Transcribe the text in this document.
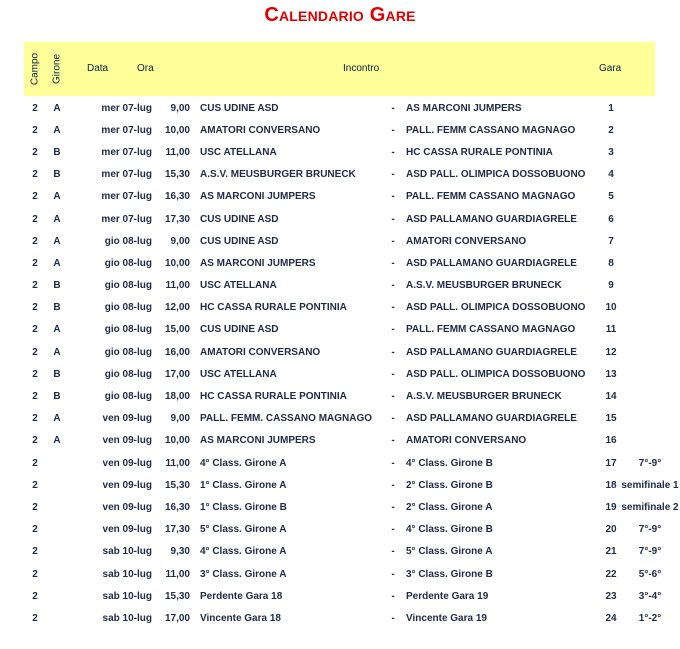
Calendario Gare
Campo Girone Data	Ora	Incontro	Gara
2	A	mer 07-lug	9,00	CUS UDINE ASD	-	AS MARCONI JUMPERS	1	
2	A	mer 07-lug	10,00	AMATORI CONVERSANO	-	PALL. FEMM CASSANO MAGNAGO	2	
2	B	mer 07-lug	11,00	USC ATELLANA	-	HC CASSA RURALE PONTINIA	3	
2	B	mer 07-lug	15,30	A.S.V. MEUSBURGER BRUNECK	-	ASD PALL. OLIMPICA DOSSOBUONO	4	
2	A	mer 07-lug	16,30	AS MARCONI JUMPERS	-	PALL. FEMM CASSANO MAGNAGO	5	
2	A	mer 07-lug	17,30	CUS UDINE ASD	-	ASD PALLAMANO GUARDIAGRELE	6	
2	A	gio 08-lug	9,00	CUS UDINE ASD	-	AMATORI CONVERSANO	7	
2	A	gio 08-lug	10,00	AS MARCONI JUMPERS	-	ASD PALLAMANO GUARDIAGRELE	8	
2	B	gio 08-lug	11,00	USC ATELLANA	-	A.S.V. MEUSBURGER BRUNECK	9	
2	B	gio 08-lug	12,00	HC CASSA RURALE PONTINIA	-	ASD PALL. OLIMPICA DOSSOBUONO	10	
2	A	gio 08-lug	15,00	CUS UDINE ASD	-	PALL. FEMM CASSANO MAGNAGO	11	
2	A	gio 08-lug	16,00	AMATORI CONVERSANO	-	ASD PALLAMANO GUARDIAGRELE	12	
2	B	gio 08-lug	17,00	USC ATELLANA	-	ASD PALL. OLIMPICA DOSSOBUONO	13	
2	B	gio 08-lug	18,00	HC CASSA RURALE PONTINIA	-	A.S.V. MEUSBURGER BRUNECK	14	
2	A	ven 09-lug	9,00	PALL. FEMM. CASSANO MAGNAGO	-	ASD PALLAMANO GUARDIAGRELE	15	
2	A	ven 09-lug	10,00	AS MARCONI JUMPERS	-	AMATORI CONVERSANO	16	
2		ven 09-lug	11,00	4° Class. Girone A	-	4° Class. Girone B	17	7°-9°
2		ven 09-lug	15,30	1° Class. Girone A	-	2° Class. Girone B	18	semifinale 1
2		ven 09-lug	16,30	1° Class. Girone B	-	2° Class. Girone A	19	semifinale 2
2		ven 09-lug	17,30	5° Class. Girone A	-	4° Class. Girone B	20	7°-9°
2		sab 10-lug	9,30	4° Class. Girone A	-	5° Class. Girone A	21	7°-9°
2		sab 10-lug	11,00	3° Class. Girone A	-	3° Class. Girone B	22	5°-6°
2		sab 10-lug	15,30	Perdente Gara 18	-	Perdente Gara 19	23	3°-4°
2		sab 10-lug	17,00	Vincente Gara 18	-	Vincente Gara 19	24	1°-2°
